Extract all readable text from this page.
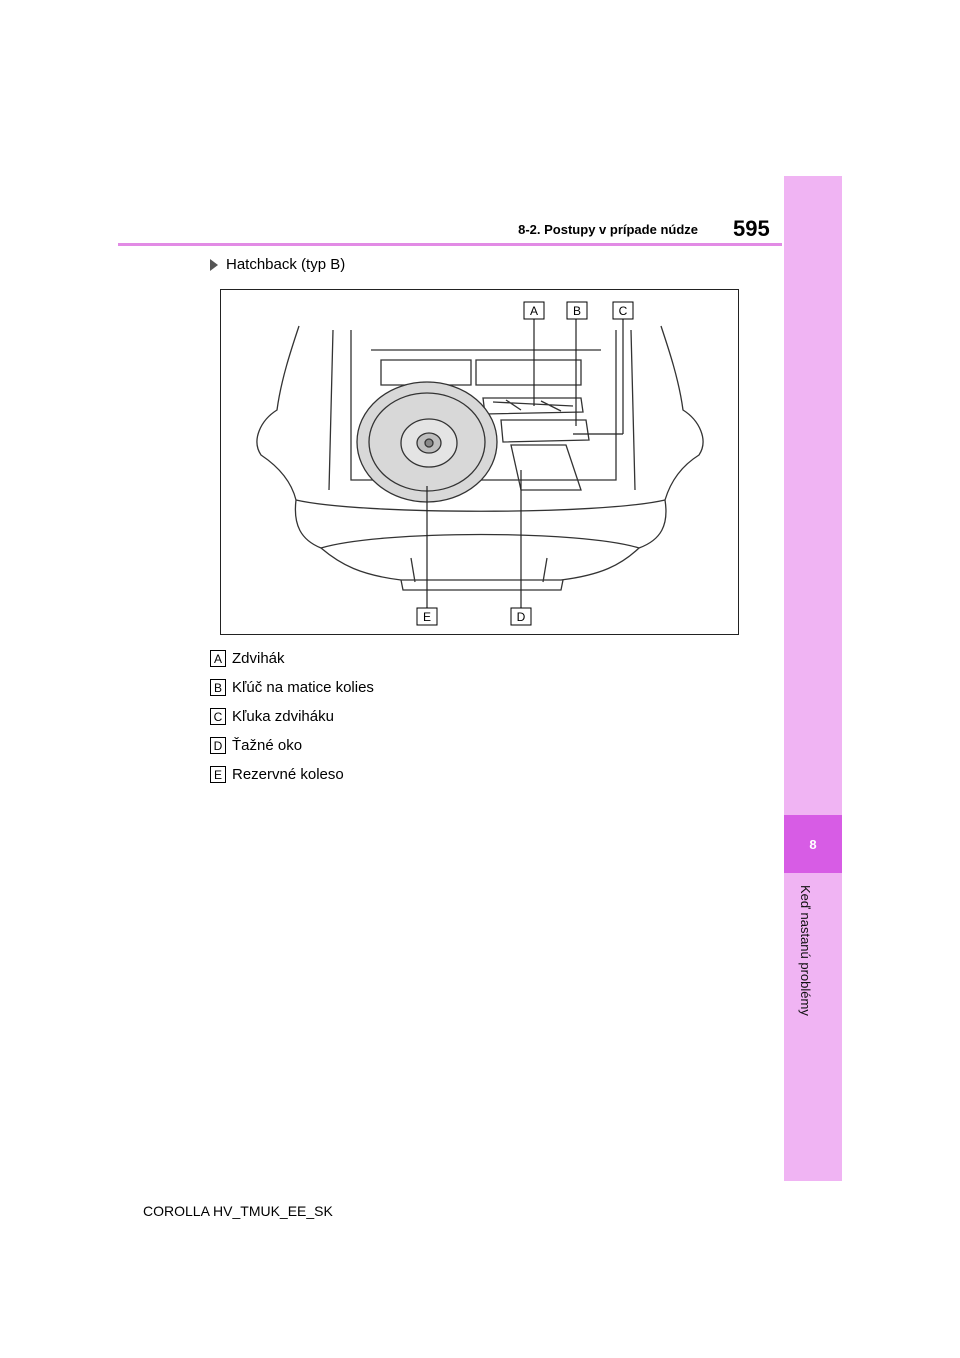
8
Keď nastanú problémy
8-2. Postupy v prípade núdze 595
Hatchback (typ B)
A	B	C
D
E
A Zdvihák
B Kľúč na matice kolies
C Kľuka zdviháku
D Ťažné oko
E Rezervné koleso
COROLLA HV_TMUK_EE_SK
